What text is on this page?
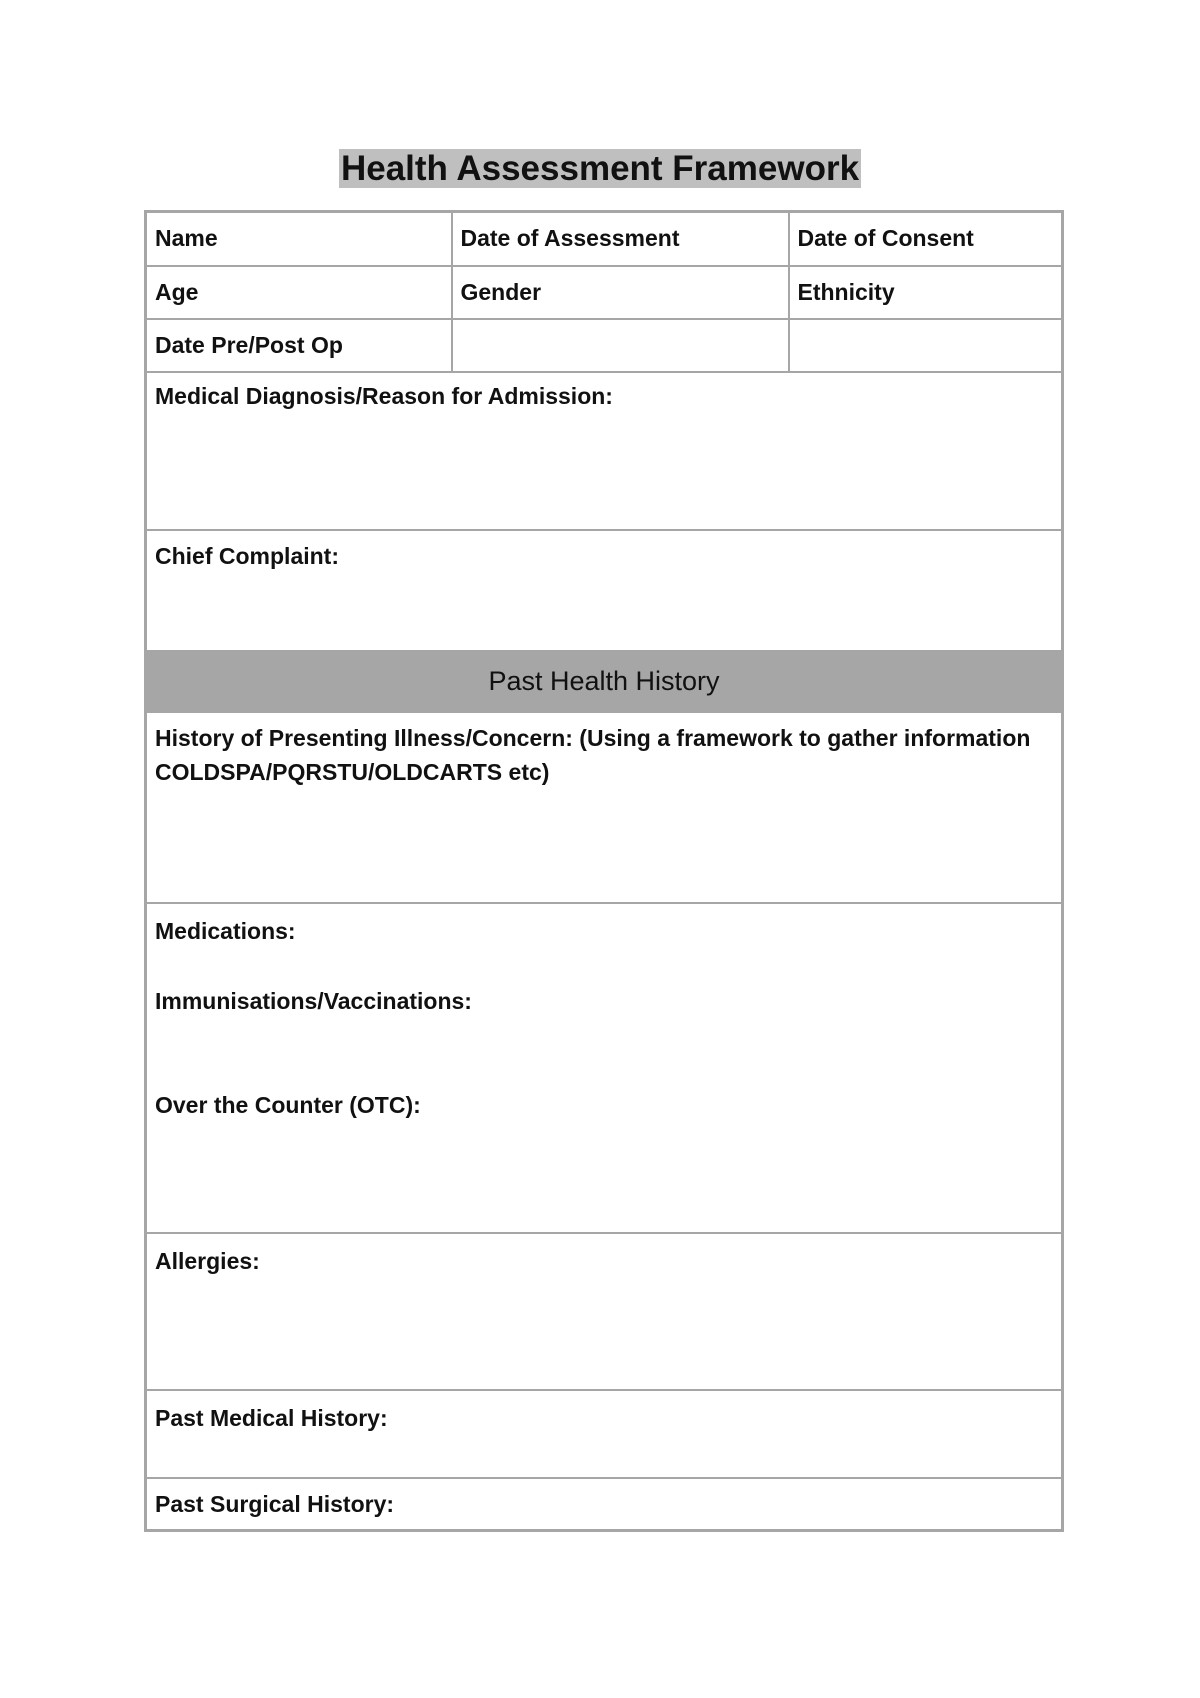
Health Assessment Framework
Name	Date of Assessment	Date of Consent
Age	Gender	Ethnicity
Date Pre/Post Op		
Medical Diagnosis/Reason for Admission:		
Chief Complaint:		
Past Health History		
History of Presenting Illness/Concern: (Using a framework to gather information COLDSPA/PQRSTU/OLDCARTS etc)		

Medications:
Immunisations/Vaccinations:
Over the Counter (OTC):		

Allergies:		
Past Medical History:		
Past Surgical History:		
